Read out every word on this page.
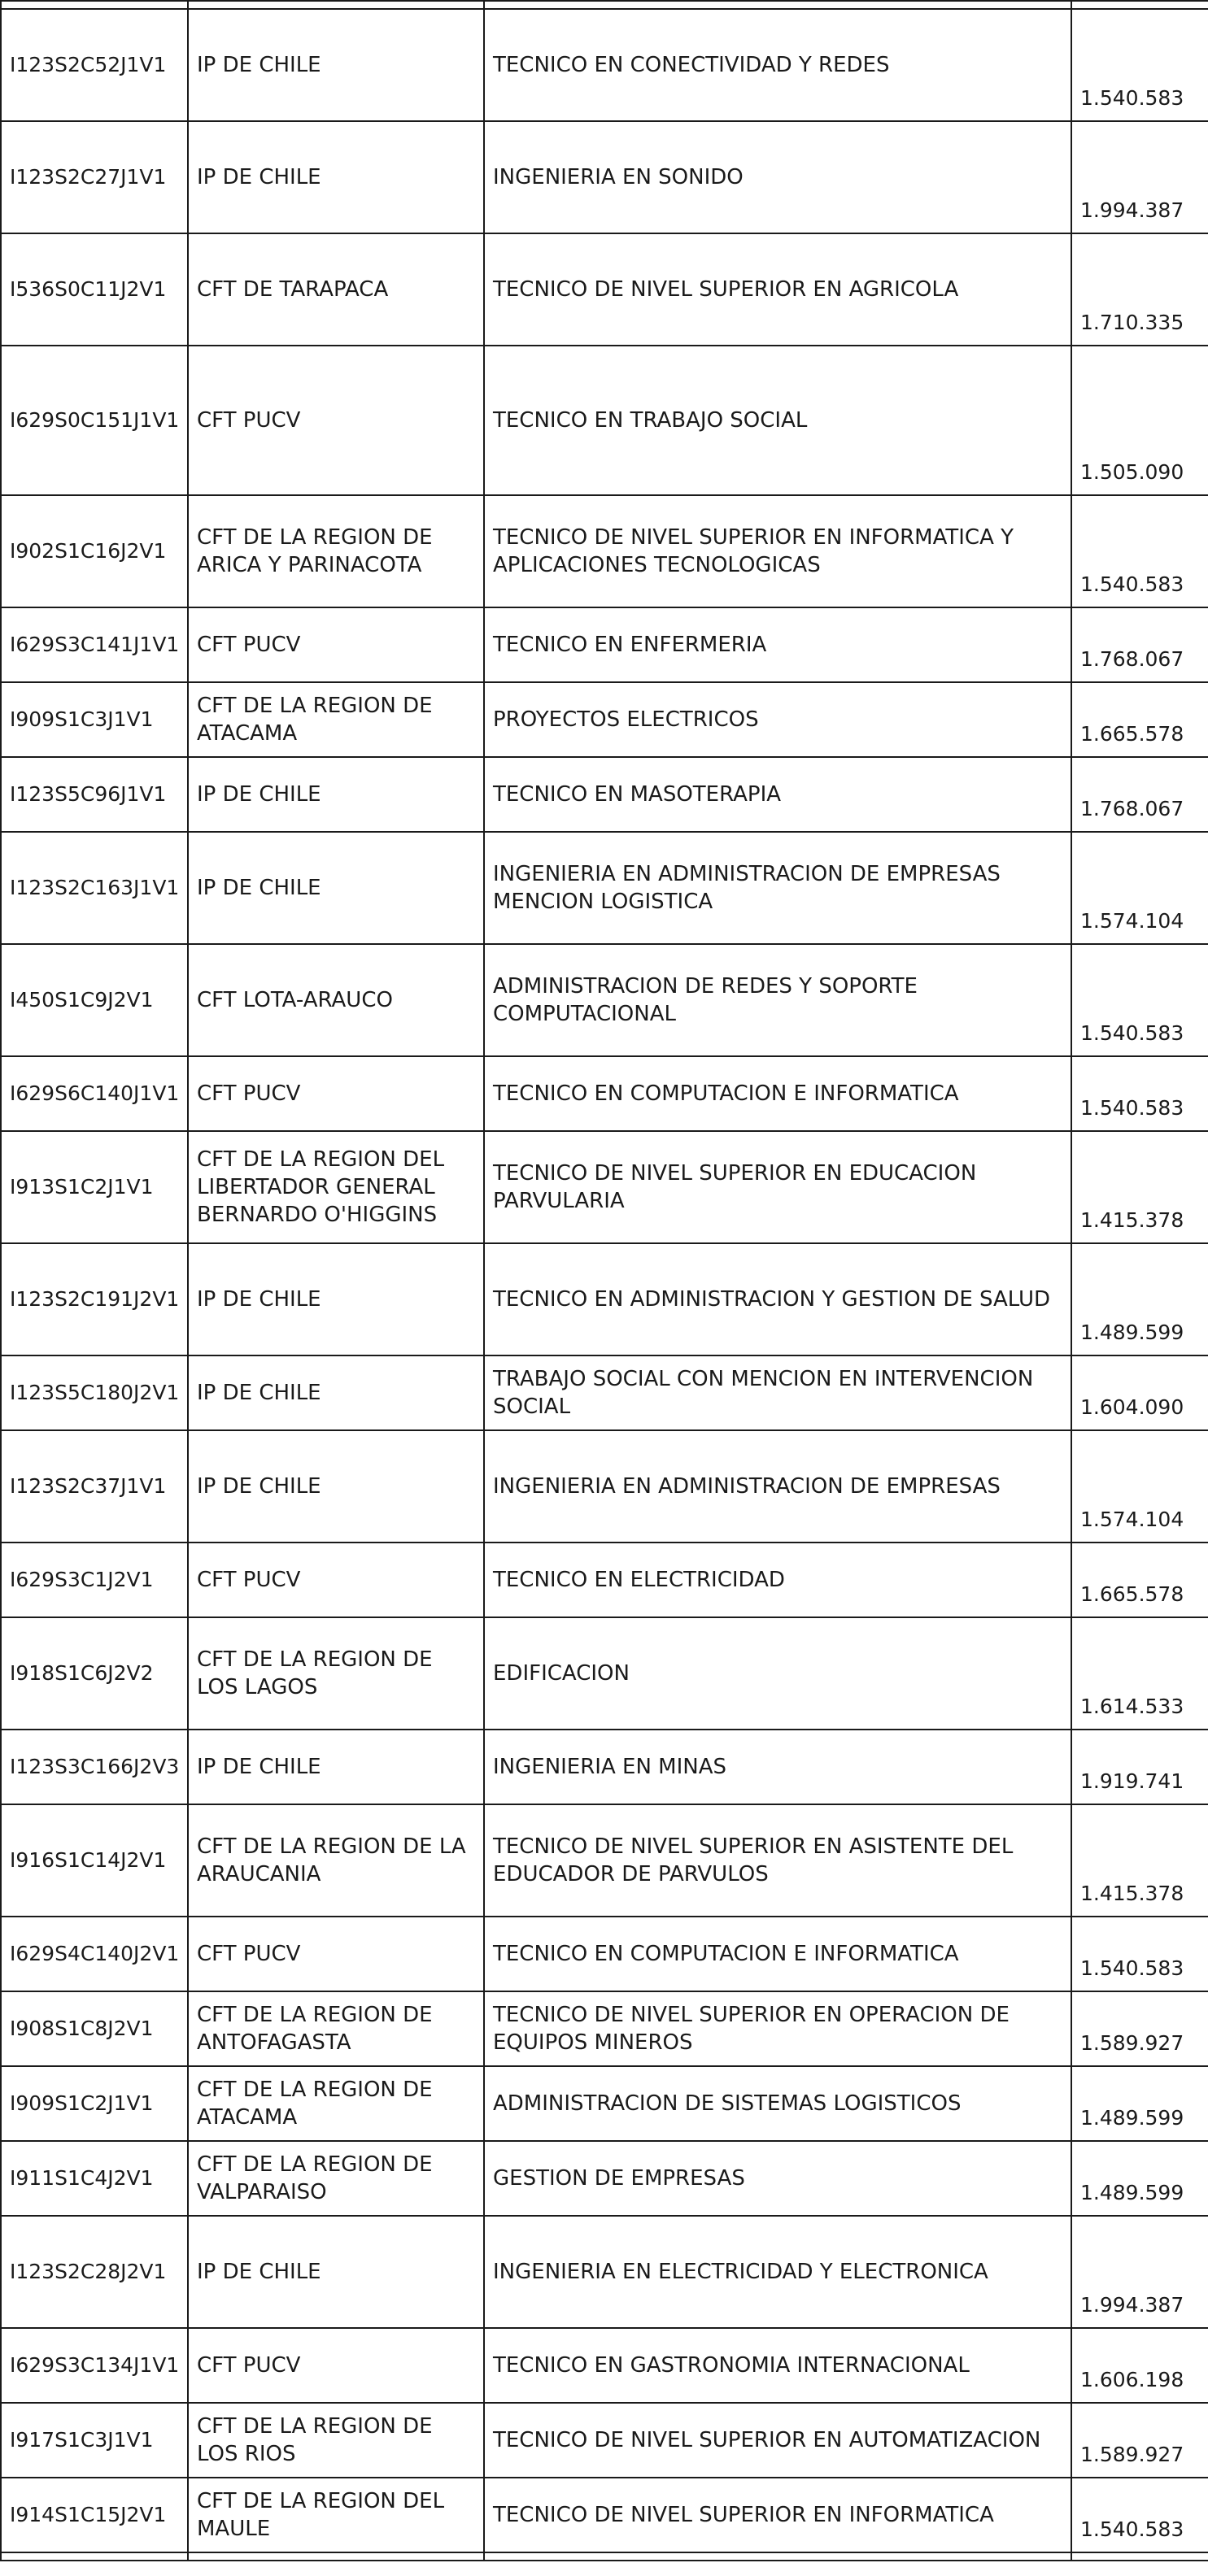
I123S2C52J1V1	IP DE CHILE	TECNICO EN CONECTIVIDAD Y REDES	1.540.583
I123S2C27J1V1	IP DE CHILE	INGENIERIA EN SONIDO	1.994.387
I536S0C11J2V1	CFT DE TARAPACA	TECNICO DE NIVEL SUPERIOR EN AGRICOLA	1.710.335
I629S0C151J1V1	CFT PUCV	TECNICO EN TRABAJO SOCIAL	1.505.090
I902S1C16J2V1	CFT DE LA REGION DE ARICA Y PARINACOTA	TECNICO DE NIVEL SUPERIOR EN INFORMATICA Y APLICACIONES TECNOLOGICAS	1.540.583
I629S3C141J1V1	CFT PUCV	TECNICO EN ENFERMERIA	1.768.067
I909S1C3J1V1	CFT DE LA REGION DE ATACAMA	PROYECTOS ELECTRICOS	1.665.578
I123S5C96J1V1	IP DE CHILE	TECNICO EN MASOTERAPIA	1.768.067
I123S2C163J1V1	IP DE CHILE	INGENIERIA EN ADMINISTRACION DE EMPRESAS MENCION LOGISTICA	1.574.104
I450S1C9J2V1	CFT LOTA-ARAUCO	ADMINISTRACION DE REDES Y SOPORTE COMPUTACIONAL	1.540.583
I629S6C140J1V1	CFT PUCV	TECNICO EN COMPUTACION E INFORMATICA	1.540.583
I913S1C2J1V1	CFT DE LA REGION DEL LIBERTADOR GENERAL BERNARDO O'HIGGINS	TECNICO DE NIVEL SUPERIOR EN EDUCACION PARVULARIA	1.415.378
I123S2C191J2V1	IP DE CHILE	TECNICO EN ADMINISTRACION Y GESTION DE SALUD	1.489.599
I123S5C180J2V1	IP DE CHILE	TRABAJO SOCIAL CON MENCION EN INTERVENCION SOCIAL	1.604.090
I123S2C37J1V1	IP DE CHILE	INGENIERIA EN ADMINISTRACION DE EMPRESAS	1.574.104
I629S3C1J2V1	CFT PUCV	TECNICO EN ELECTRICIDAD	1.665.578
I918S1C6J2V2	CFT DE LA REGION DE LOS LAGOS	EDIFICACION	1.614.533
I123S3C166J2V3	IP DE CHILE	INGENIERIA EN MINAS	1.919.741
I916S1C14J2V1	CFT DE LA REGION DE LA ARAUCANIA	TECNICO DE NIVEL SUPERIOR EN ASISTENTE DEL EDUCADOR DE PARVULOS	1.415.378
I629S4C140J2V1	CFT PUCV	TECNICO EN COMPUTACION E INFORMATICA	1.540.583
I908S1C8J2V1	CFT DE LA REGION DE ANTOFAGASTA	TECNICO DE NIVEL SUPERIOR EN OPERACION DE EQUIPOS MINEROS	1.589.927
I909S1C2J1V1	CFT DE LA REGION DE ATACAMA	ADMINISTRACION DE SISTEMAS LOGISTICOS	1.489.599
I911S1C4J2V1	CFT DE LA REGION DE VALPARAISO	GESTION DE EMPRESAS	1.489.599
I123S2C28J2V1	IP DE CHILE	INGENIERIA EN ELECTRICIDAD Y ELECTRONICA	1.994.387
I629S3C134J1V1	CFT PUCV	TECNICO EN GASTRONOMIA INTERNACIONAL	1.606.198
I917S1C3J1V1	CFT DE LA REGION DE LOS RIOS	TECNICO DE NIVEL SUPERIOR EN AUTOMATIZACION	1.589.927
I914S1C15J2V1	CFT DE LA REGION DEL MAULE	TECNICO DE NIVEL SUPERIOR EN INFORMATICA	1.540.583
